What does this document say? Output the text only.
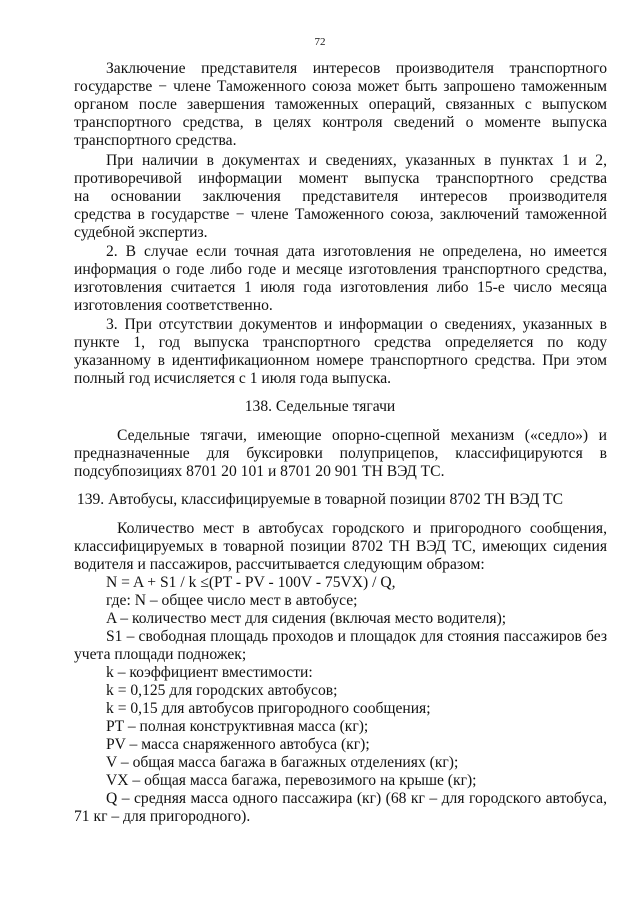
72
Заключение представителя интересов производителя транспортного
государстве − члене Таможенного союза может быть запрошено таможенным
органом после завершения таможенных операций, связанных с выпуском
транспортного средства, в целях контроля сведений о моменте выпуска
транспортного средства.
При наличии в документах и сведениях, указанных в пунктах 1 и 2,
противоречивой информации момент выпуска транспортного средства
на основании заключения представителя интересов производителя
средства в государстве − члене Таможенного союза, заключений таможенной
судебной экспертиз.
2. В случае если точная дата изготовления не определена, но имеется
информация о годе либо годе и месяце изготовления транспортного средства,
изготовления считается 1 июля года изготовления либо 15-е число месяца
изготовления соответственно.
3. При отсутствии документов и информации о сведениях, указанных в
пункте 1, год выпуска транспортного средства определяется по коду
указанному в идентификационном номере транспортного средства. При этом
полный год исчисляется с 1 июля года выпуска.
138. Седельные тягачи
Седельные тягачи, имеющие опорно-сцепной механизм («седло») и
предназначенные для буксировки полуприцепов, классифицируются в
подсубпозициях 8701 20 101 и 8701 20 901 ТН ВЭД ТС.
139. Автобусы, классифицируемые в товарной позиции 8702 ТН ВЭД ТС
Количество мест в автобусах городского и пригородного сообщения,
классифицируемых в товарной позиции 8702 ТН ВЭД ТС, имеющих сидения
водителя и пассажиров, рассчитывается следующим образом:
N = A + S1 / k ≤(PT - PV - 100V - 75VX) / Q,
где: N – общее число мест в автобусе;
A – количество мест для сидения (включая место водителя);
S1 – свободная площадь проходов и площадок для стояния пассажиров без
учета площади подножек;
k – коэффициент вместимости:
k = 0,125 для городских автобусов;
k = 0,15 для автобусов пригородного сообщения;
PT – полная конструктивная масса (кг);
PV – масса снаряженного автобуса (кг);
V – общая масса багажа в багажных отделениях (кг);
VX – общая масса багажа, перевозимого на крыше (кг);
Q – средняя масса одного пассажира (кг) (68 кг – для городского автобуса,
71 кг – для пригородного).
